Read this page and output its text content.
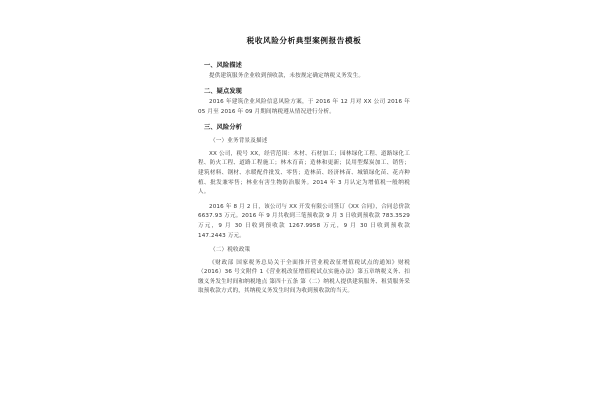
税收风险分析典型案例报告模板
一、风险描述
提供建筑服务企业收到预收款，未按规定确定纳税义务发生。
二、疑点发现
2016 年建筑企业风险信息风险方案，于 2016 年 12 月对 XX 公司 2016 年 05 月至 2016 年 09 月期间纳税遵从情况进行分析。
三、风险分析
（一）业务背景及描述
XX 公司，税号 XX，经营范围：木材、石材加工；园林绿化工程、道路绿化工程、防火工程、道路工程施工；林木育苗；造林和更新；民用型煤炭加工、销售；建筑材料、钢材、水暖配件批发、零售；造林苗、经济林苗、城镇绿化苗、花卉种植、批发兼零售；林业有害生物防治服务。2014 年 3 月认定为增值税一般纳税人。
2016 年 8 月 2 日，该公司与 XX 开发有限公司签订《XX 合同》，合同总价款 6637.93 万元。2016 年 9 月共收到三笔预收款 9 月 3 日收到预收款 783.3529 万元，9 月 30 日收到预收款 1267.9958 万元，9 月 30 日收到预收款 147.2443 万元。
（二）税收政策
《财政部 国家税务总局关于全面推开营业税改征增值税试点的通知》财税（2016）36 号文附件 1《营业税改征增值税试点实施办法》第五章纳税义务、扣缴义务发生时间和纳税地点 第四十五条 第（二）纳税人提供建筑服务、租赁服务采取预收款方式的，其纳税义务发生时间为收到预收款的当天。
